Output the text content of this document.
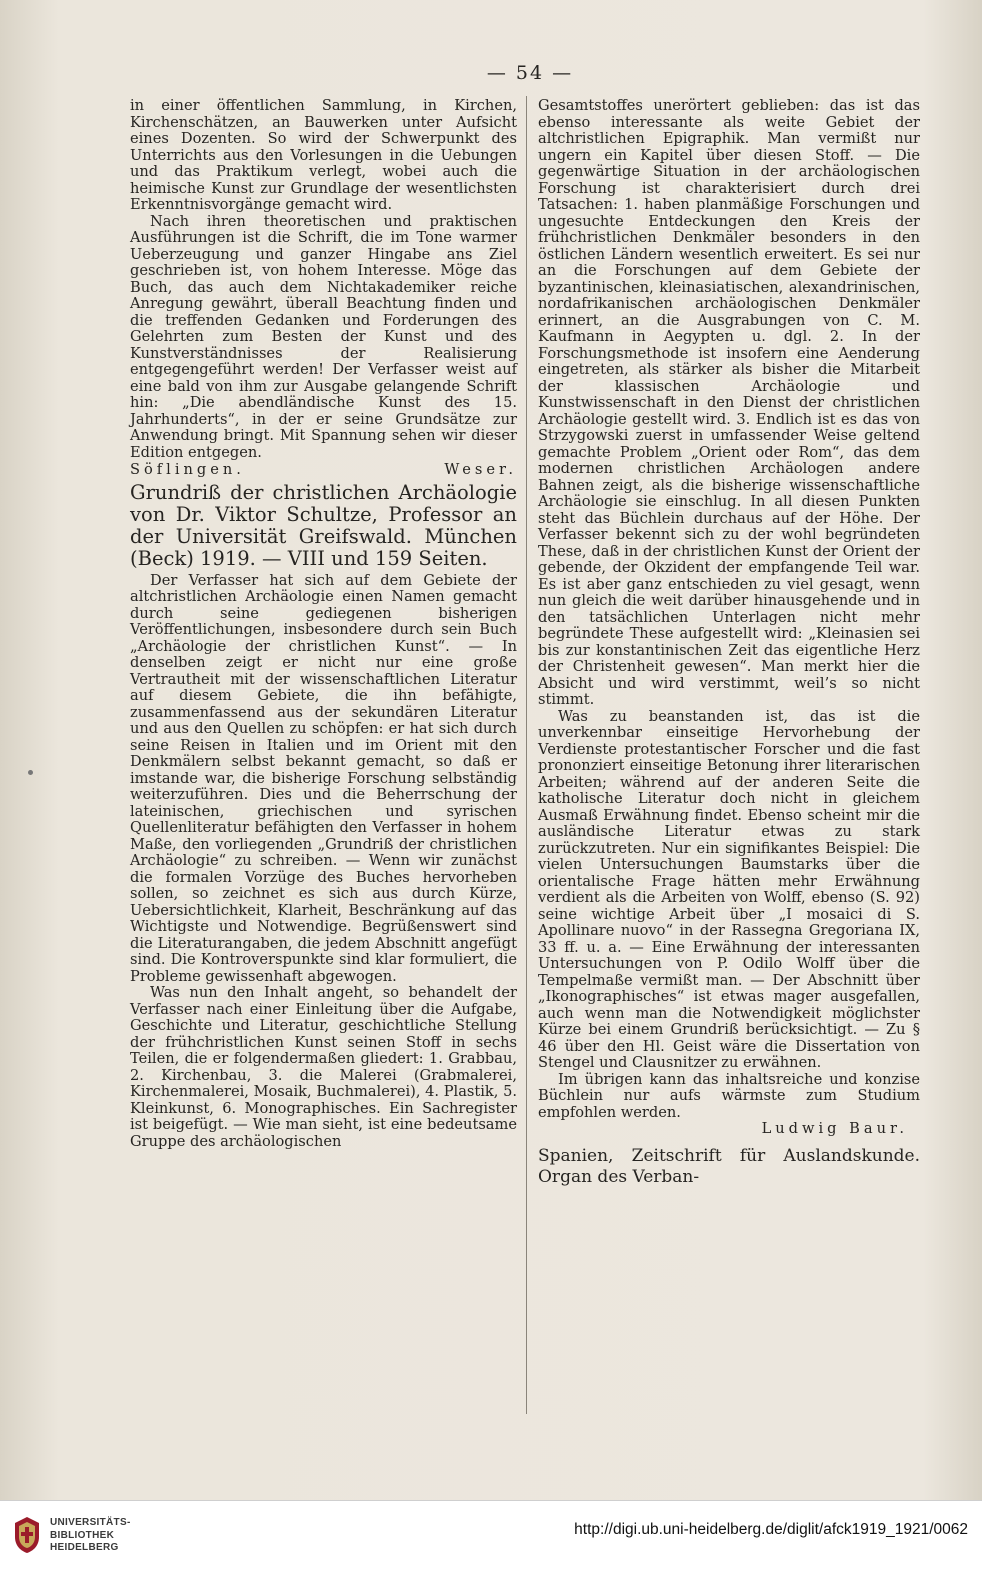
— 54 —

in einer öffentlichen Sammlung, in Kirchen, Kirchenschätzen, an Bauwerken unter Aufsicht eines Dozenten. So wird der Schwerpunkt des Unterrichts aus den Vorlesungen in die Uebungen und das Praktikum verlegt, wobei auch die heimische Kunst zur Grundlage der wesentlichsten Erkenntnisvorgänge gemacht wird.

Nach ihren theoretischen und praktischen Ausführungen ist die Schrift, die im Tone warmer Ueberzeugung und ganzer Hingabe ans Ziel geschrieben ist, von hohem Interesse. Möge das Buch, das auch dem Nichtakademiker reiche Anregung gewährt, überall Beachtung finden und die treffenden Gedanken und Forderungen des Gelehrten zum Besten der Kunst und des Kunstverständnisses der Realisierung entgegengeführt werden! Der Verfasser weist auf eine bald von ihm zur Ausgabe gelangende Schrift hin: „Die abendländische Kunst des 15. Jahrhunderts“, in der er seine Grundsätze zur Anwendung bringt. Mit Spannung sehen wir dieser Edition entgegen.

Söflingen.	Weser.

Grundriß der christlichen Archäologie von Dr. Viktor Schultze, Professor an der Universität Greifswald. München (Beck) 1919. — VIII und 159 Seiten.

Der Verfasser hat sich auf dem Gebiete der altchristlichen Archäologie einen Namen gemacht durch seine gediegenen bisherigen Veröffentlichungen, insbesondere durch sein Buch „Archäologie der christlichen Kunst“. — In denselben zeigt er nicht nur eine große Vertrautheit mit der wissenschaftlichen Literatur auf diesem Gebiete, die ihn befähigte, zusammenfassend aus der sekundären Literatur und aus den Quellen zu schöpfen: er hat sich durch seine Reisen in Italien und im Orient mit den Denkmälern selbst bekannt gemacht, so daß er imstande war, die bisherige Forschung selbständig weiterzuführen. Dies und die Beherrschung der lateinischen, griechischen und syrischen Quellenliteratur befähigten den Verfasser in hohem Maße, den vorliegenden „Grundriß der christlichen Archäologie“ zu schreiben. — Wenn wir zunächst die formalen Vorzüge des Buches hervorheben sollen, so zeichnet es sich aus durch Kürze, Uebersichtlichkeit, Klarheit, Beschränkung auf das Wichtigste und Notwendige. Begrüßenswert sind die Literaturangaben, die jedem Abschnitt angefügt sind. Die Kontroverspunkte sind klar formuliert, die Probleme gewissenhaft abgewogen.

Was nun den Inhalt angeht, so behandelt der Verfasser nach einer Einleitung über die Aufgabe, Geschichte und Literatur, geschichtliche Stellung der frühchristlichen Kunst seinen Stoff in sechs Teilen, die er folgendermaßen gliedert: 1. Grabbau, 2. Kirchenbau, 3. die Malerei (Grabmalerei, Kirchenmalerei, Mosaik, Buchmalerei), 4. Plastik, 5. Kleinkunst, 6. Monographisches. Ein Sachregister ist beigefügt. — Wie man sieht, ist eine bedeutsame Gruppe des archäologischen

Gesamtstoffes unerörtert geblieben: das ist das ebenso interessante als weite Gebiet der altchristlichen Epigraphik. Man vermißt nur ungern ein Kapitel über diesen Stoff. — Die gegenwärtige Situation in der archäologischen Forschung ist charakterisiert durch drei Tatsachen: 1. haben planmäßige Forschungen und ungesuchte Entdeckungen den Kreis der frühchristlichen Denkmäler besonders in den östlichen Ländern wesentlich erweitert. Es sei nur an die Forschungen auf dem Gebiete der byzantinischen, kleinasiatischen, alexandrinischen, nordafrikanischen archäologischen Denkmäler erinnert, an die Ausgrabungen von C. M. Kaufmann in Aegypten u. dgl. 2. In der Forschungsmethode ist insofern eine Aenderung eingetreten, als stärker als bisher die Mitarbeit der klassischen Archäologie und Kunstwissenschaft in den Dienst der christlichen Archäologie gestellt wird. 3. Endlich ist es das von Strzygowski zuerst in umfassender Weise geltend gemachte Problem „Orient oder Rom“, das dem modernen christlichen Archäologen andere Bahnen zeigt, als die bisherige wissenschaftliche Archäologie sie einschlug. In all diesen Punkten steht das Büchlein durchaus auf der Höhe. Der Verfasser bekennt sich zu der wohl begründeten These, daß in der christlichen Kunst der Orient der gebende, der Okzident der empfangende Teil war. Es ist aber ganz entschieden zu viel gesagt, wenn nun gleich die weit darüber hinausgehende und in den tatsächlichen Unterlagen nicht mehr begründete These aufgestellt wird: „Kleinasien sei bis zur konstantinischen Zeit das eigentliche Herz der Christenheit gewesen“. Man merkt hier die Absicht und wird verstimmt, weil’s so nicht stimmt.

Was zu beanstanden ist, das ist die unverkennbar einseitige Hervorhebung der Verdienste protestantischer Forscher und die fast prononziert einseitige Betonung ihrer literarischen Arbeiten; während auf der anderen Seite die katholische Literatur doch nicht in gleichem Ausmaß Erwähnung findet. Ebenso scheint mir die ausländische Literatur etwas zu stark zurückzutreten. Nur ein signifikantes Beispiel: Die vielen Untersuchungen Baumstarks über die orientalische Frage hätten mehr Erwähnung verdient als die Arbeiten von Wolff, ebenso (S. 92) seine wichtige Arbeit über „I mosaici di S. Apollinare nuovo“ in der Rassegna Gregoriana IX, 33 ff. u. a. — Eine Erwähnung der interessanten Untersuchungen von P. Odilo Wolff über die Tempelmaße vermißt man. — Der Abschnitt über „Ikonographisches“ ist etwas mager ausgefallen, auch wenn man die Notwendigkeit möglichster Kürze bei einem Grundriß berücksichtigt. — Zu § 46 über den Hl. Geist wäre die Dissertation von Stengel und Clausnitzer zu erwähnen.

Im übrigen kann das inhaltsreiche und konzise Büchlein nur aufs wärmste zum Studium empfohlen werden.

Ludwig Baur.

Spanien, Zeitschrift für Auslandskunde. Organ des Verban-

UNIVERSITÄTS-
BIBLIOTHEK
HEIDELBERG
http://digi.ub.uni-heidelberg.de/diglit/afck1919_1921/0062
